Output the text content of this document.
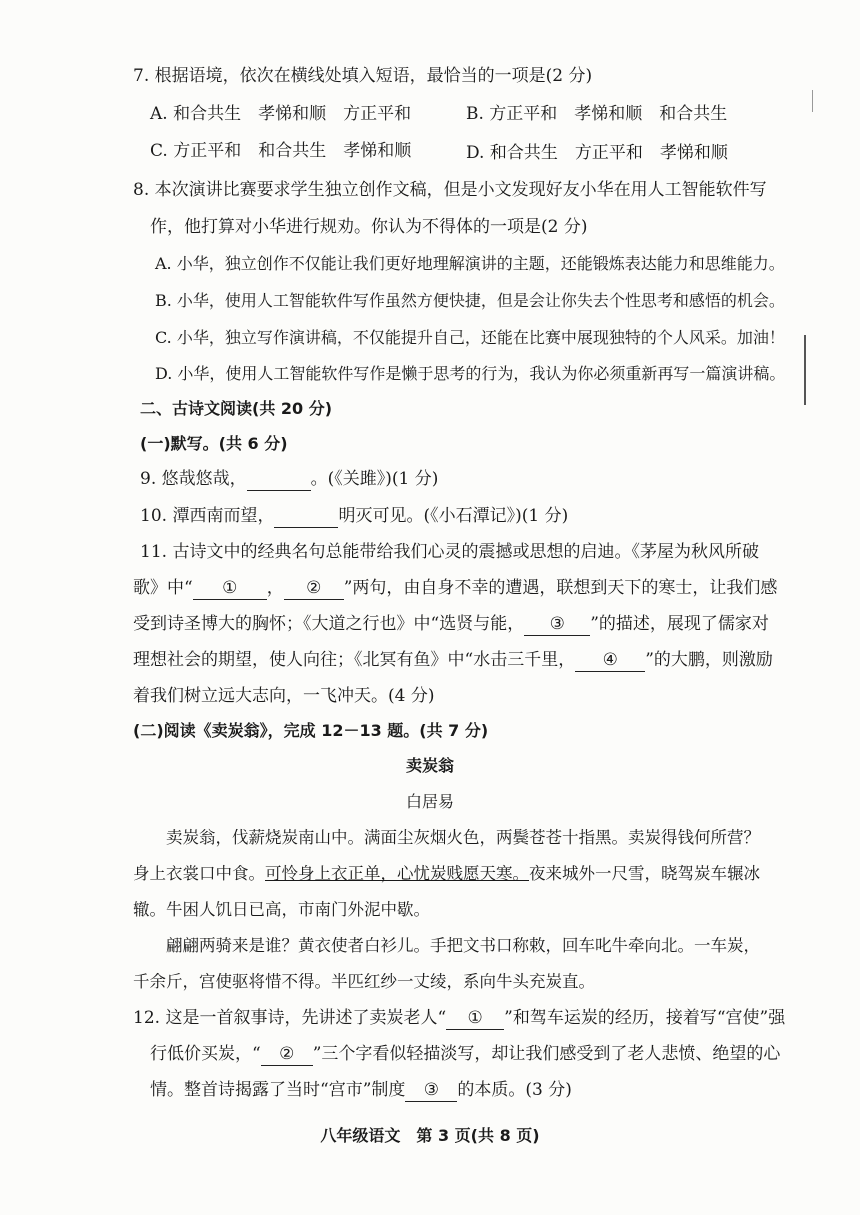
7. 根据语境，依次在横线处填入短语，最恰当的一项是(2 分)
A. 和合共生　孝悌和顺　方正平和	B. 方正平和　孝悌和顺　和合共生
C. 方正平和　和合共生　孝悌和顺	D. 和合共生　方正平和　孝悌和顺
8. 本次演讲比赛要求学生独立创作文稿，但是小文发现好友小华在用人工智能软件写
作，他打算对小华进行规劝。你认为不得体的一项是(2 分)
A. 小华，独立创作不仅能让我们更好地理解演讲的主题，还能锻炼表达能力和思维能力。
B. 小华，使用人工智能软件写作虽然方便快捷，但是会让你失去个性思考和感悟的机会。
C. 小华，独立写作演讲稿，不仅能提升自己，还能在比赛中展现独特的个人风采。加油！
D. 小华，使用人工智能软件写作是懒于思考的行为，我认为你必须重新再写一篇演讲稿。
二、古诗文阅读(共 20 分)
(一)默写。(共 6 分)
9. 悠哉悠哉，	。(《关雎》)(1 分)
10. 潭西南而望，	明灭可见。(《小石潭记》)(1 分)
11. 古诗文中的经典名句总能带给我们心灵的震撼或思想的启迪。《茅屋为秋风所破
歌》中“ ① ， ② ”两句，由自身不幸的遭遇，联想到天下的寒士，让我们感
受到诗圣博大的胸怀；《大道之行也》中“选贤与能， ③ ”的描述，展现了儒家对
理想社会的期望，使人向往；《北冥有鱼》中“水击三千里， ④ ”的大鹏，则激励
着我们树立远大志向，一飞冲天。(4 分)
(二)阅读《卖炭翁》，完成 12－13 题。(共 7 分)
卖炭翁
白居易
卖炭翁，伐薪烧炭南山中。满面尘灰烟火色，两鬓苍苍十指黑。卖炭得钱何所营？
身上衣裳口中食。可怜身上衣正单，心忧炭贱愿天寒。夜来城外一尺雪，晓驾炭车辗冰
辙。牛困人饥日已高，市南门外泥中歇。
翩翩两骑来是谁？黄衣使者白衫儿。手把文书口称敕，回车叱牛牵向北。一车炭，
千余斤，宫使驱将惜不得。半匹红纱一丈绫，系向牛头充炭直。
12. 这是一首叙事诗，先讲述了卖炭老人“ ① ”和驾车运炭的经历，接着写“宫使”强
行低价买炭，“ ② ”三个字看似轻描淡写，却让我们感受到了老人悲愤、绝望的心
情。整首诗揭露了当时“宫市”制度 ③ 的本质。(3 分)
八年级语文　第 3 页(共 8 页)
